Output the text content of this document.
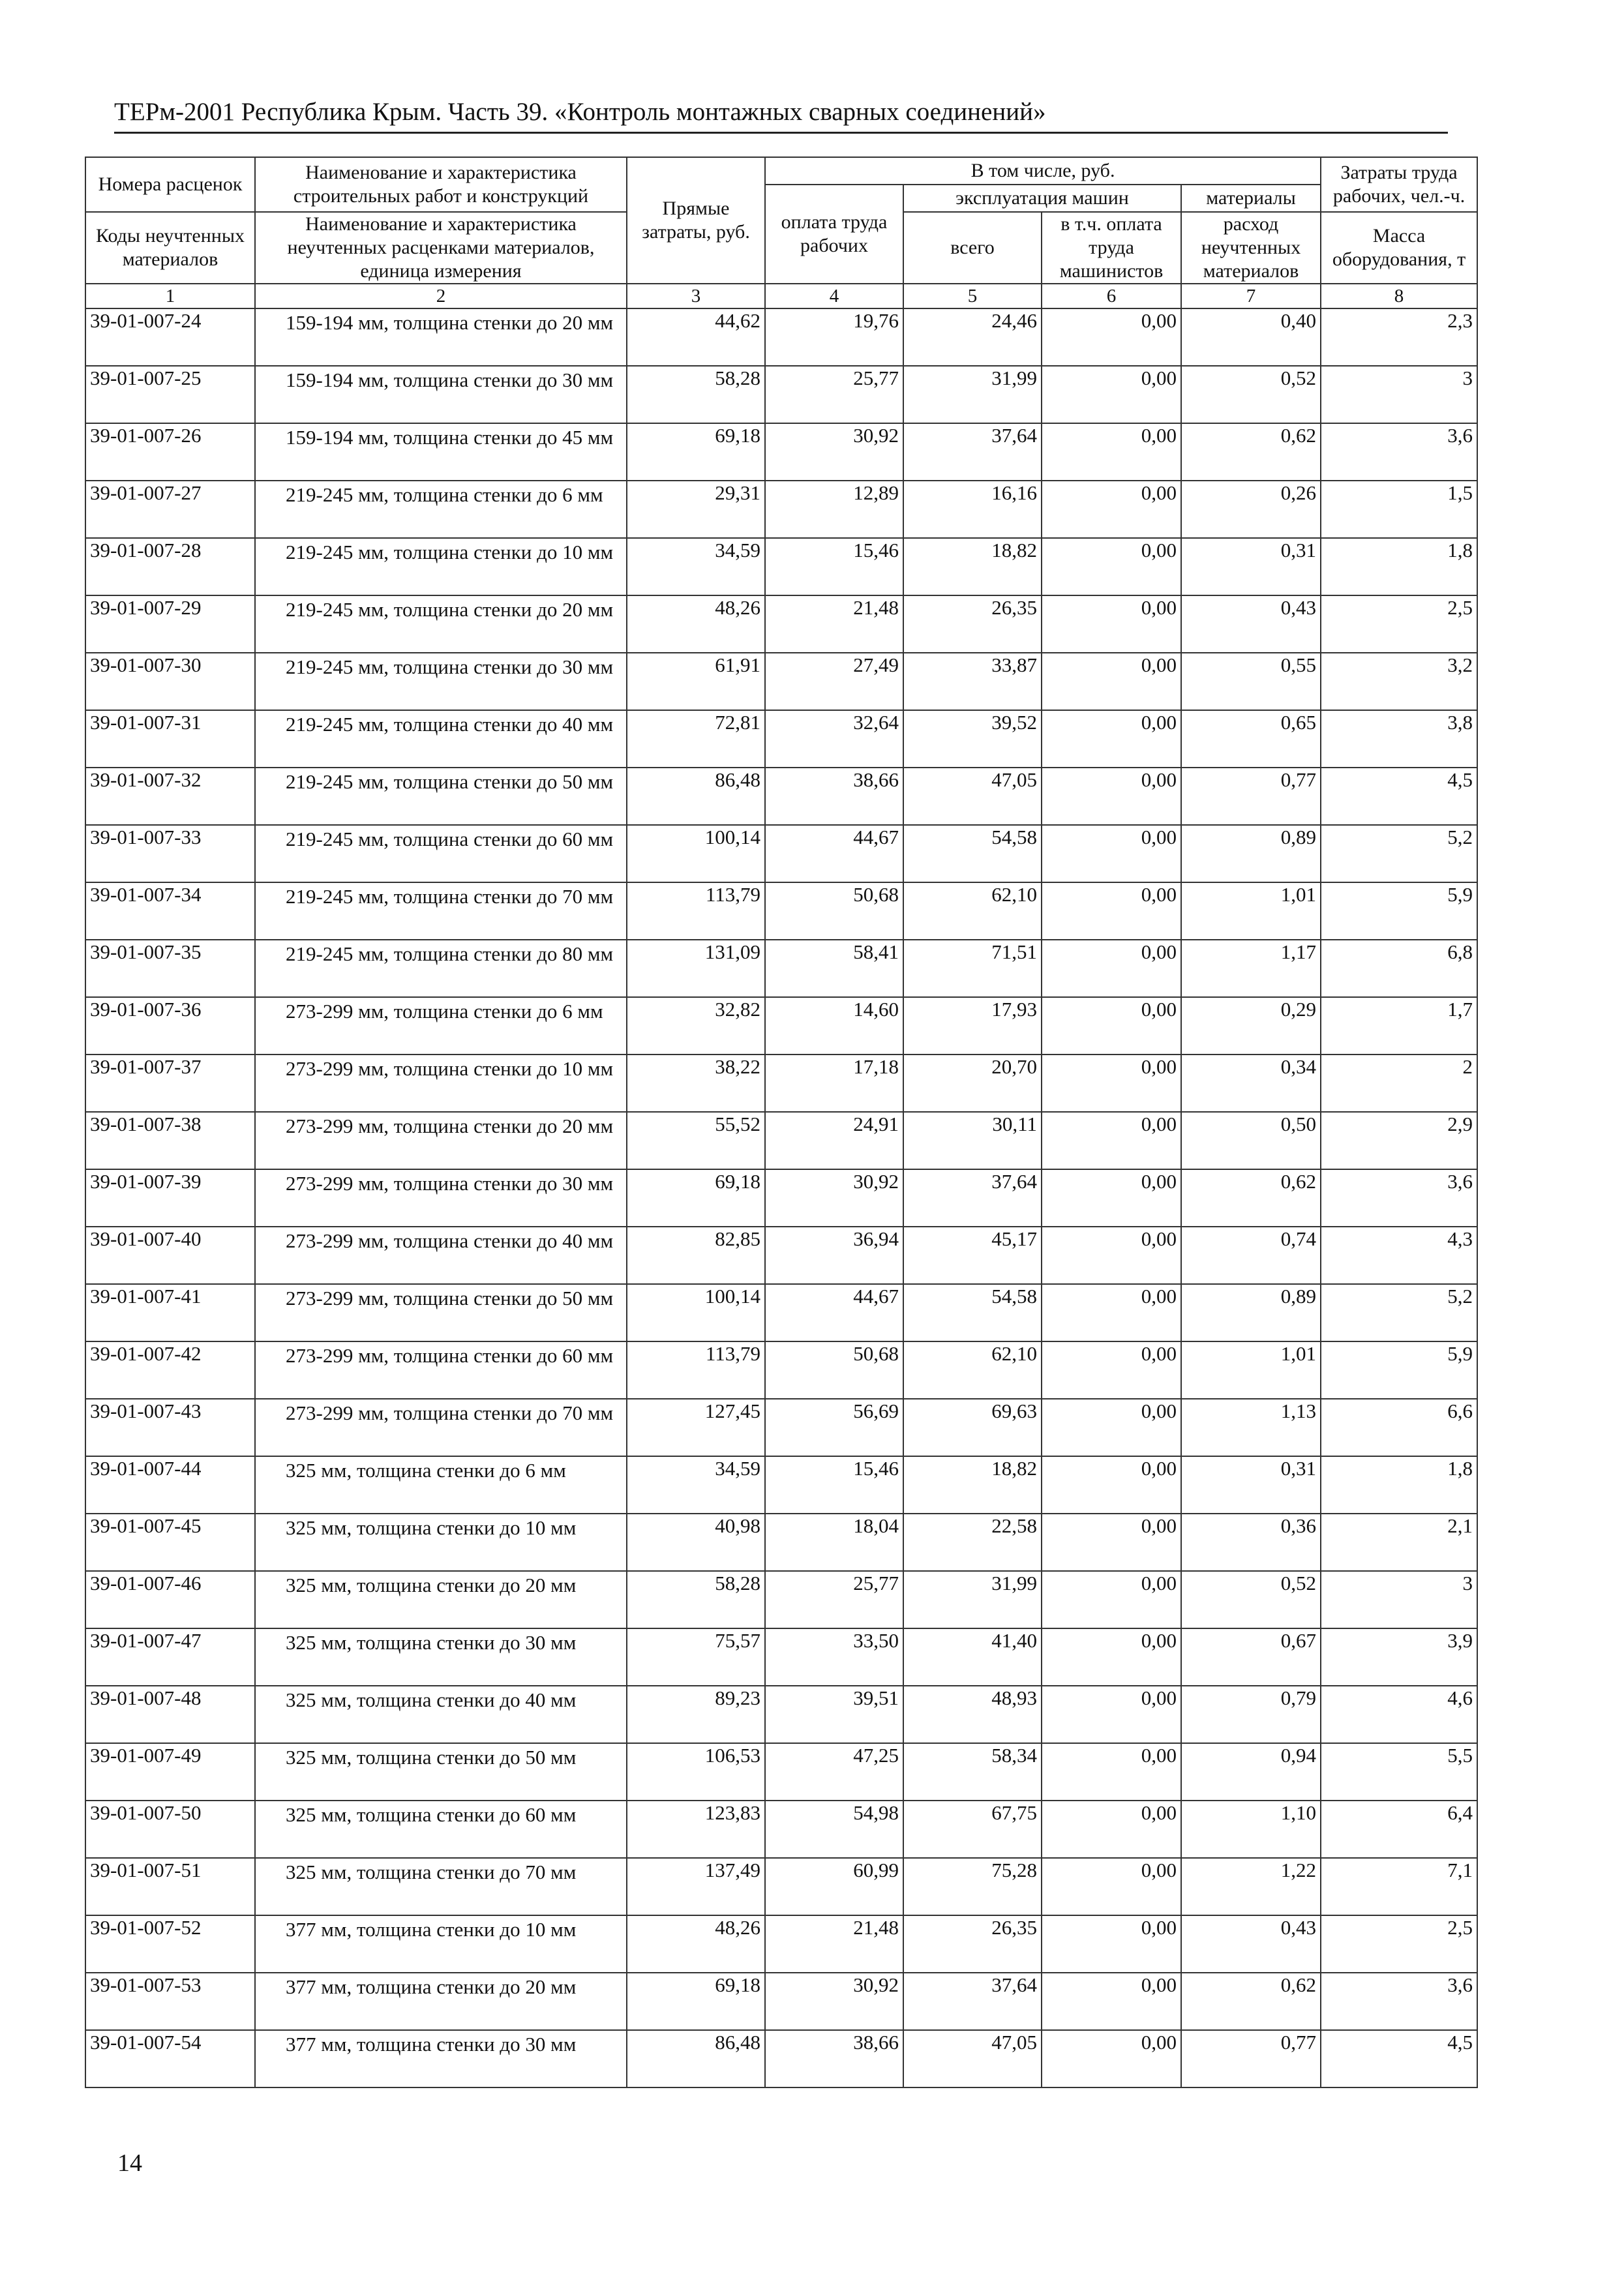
ТЕРм-2001 Республика Крым. Часть 39. «Контроль монтажных сварных соединений»
Номера расценок	Наименование и характеристика строительных работ и конструкций	Прямые затраты, руб.	В том числе, руб.				Затраты труда рабочих, чел.-ч.
			оплата труда рабочих	эксплуатация машин		материалы	
Коды неучтенных материалов	Наименование и характеристика неучтенных расценками материалов, единица измерения			всего	в т.ч. оплата труда машинистов	расход неучтенных материалов	
							Масса оборудования, т
1	2	3	4	5	6	7	8
39-01-007-24	159-194 мм, толщина стенки до 20 мм	44,62	19,76	24,46	0,00	0,40	2,3
39-01-007-25	159-194 мм, толщина стенки до 30 мм	58,28	25,77	31,99	0,00	0,52	3
39-01-007-26	159-194 мм, толщина стенки до 45 мм	69,18	30,92	37,64	0,00	0,62	3,6
39-01-007-27	219-245 мм, толщина стенки до 6 мм	29,31	12,89	16,16	0,00	0,26	1,5
39-01-007-28	219-245 мм, толщина стенки до 10 мм	34,59	15,46	18,82	0,00	0,31	1,8
39-01-007-29	219-245 мм, толщина стенки до 20 мм	48,26	21,48	26,35	0,00	0,43	2,5
39-01-007-30	219-245 мм, толщина стенки до 30 мм	61,91	27,49	33,87	0,00	0,55	3,2
39-01-007-31	219-245 мм, толщина стенки до 40 мм	72,81	32,64	39,52	0,00	0,65	3,8
39-01-007-32	219-245 мм, толщина стенки до 50 мм	86,48	38,66	47,05	0,00	0,77	4,5
39-01-007-33	219-245 мм, толщина стенки до 60 мм	100,14	44,67	54,58	0,00	0,89	5,2
39-01-007-34	219-245 мм, толщина стенки до 70 мм	113,79	50,68	62,10	0,00	1,01	5,9
39-01-007-35	219-245 мм, толщина стенки до 80 мм	131,09	58,41	71,51	0,00	1,17	6,8
39-01-007-36	273-299 мм, толщина стенки до 6 мм	32,82	14,60	17,93	0,00	0,29	1,7
39-01-007-37	273-299 мм, толщина стенки до 10 мм	38,22	17,18	20,70	0,00	0,34	2
39-01-007-38	273-299 мм, толщина стенки до 20 мм	55,52	24,91	30,11	0,00	0,50	2,9
39-01-007-39	273-299 мм, толщина стенки до 30 мм	69,18	30,92	37,64	0,00	0,62	3,6
39-01-007-40	273-299 мм, толщина стенки до 40 мм	82,85	36,94	45,17	0,00	0,74	4,3
39-01-007-41	273-299 мм, толщина стенки до 50 мм	100,14	44,67	54,58	0,00	0,89	5,2
39-01-007-42	273-299 мм, толщина стенки до 60 мм	113,79	50,68	62,10	0,00	1,01	5,9
39-01-007-43	273-299 мм, толщина стенки до 70 мм	127,45	56,69	69,63	0,00	1,13	6,6
39-01-007-44	325 мм, толщина стенки до 6 мм	34,59	15,46	18,82	0,00	0,31	1,8
39-01-007-45	325 мм, толщина стенки до 10 мм	40,98	18,04	22,58	0,00	0,36	2,1
39-01-007-46	325 мм, толщина стенки до 20 мм	58,28	25,77	31,99	0,00	0,52	3
39-01-007-47	325 мм, толщина стенки до 30 мм	75,57	33,50	41,40	0,00	0,67	3,9
39-01-007-48	325 мм, толщина стенки до 40 мм	89,23	39,51	48,93	0,00	0,79	4,6
39-01-007-49	325 мм, толщина стенки до 50 мм	106,53	47,25	58,34	0,00	0,94	5,5
39-01-007-50	325 мм, толщина стенки до 60 мм	123,83	54,98	67,75	0,00	1,10	6,4
39-01-007-51	325 мм, толщина стенки до 70 мм	137,49	60,99	75,28	0,00	1,22	7,1
39-01-007-52	377 мм, толщина стенки до 10 мм	48,26	21,48	26,35	0,00	0,43	2,5
39-01-007-53	377 мм, толщина стенки до 20 мм	69,18	30,92	37,64	0,00	0,62	3,6
39-01-007-54	377 мм, толщина стенки до 30 мм	86,48	38,66	47,05	0,00	0,77	4,5
14
